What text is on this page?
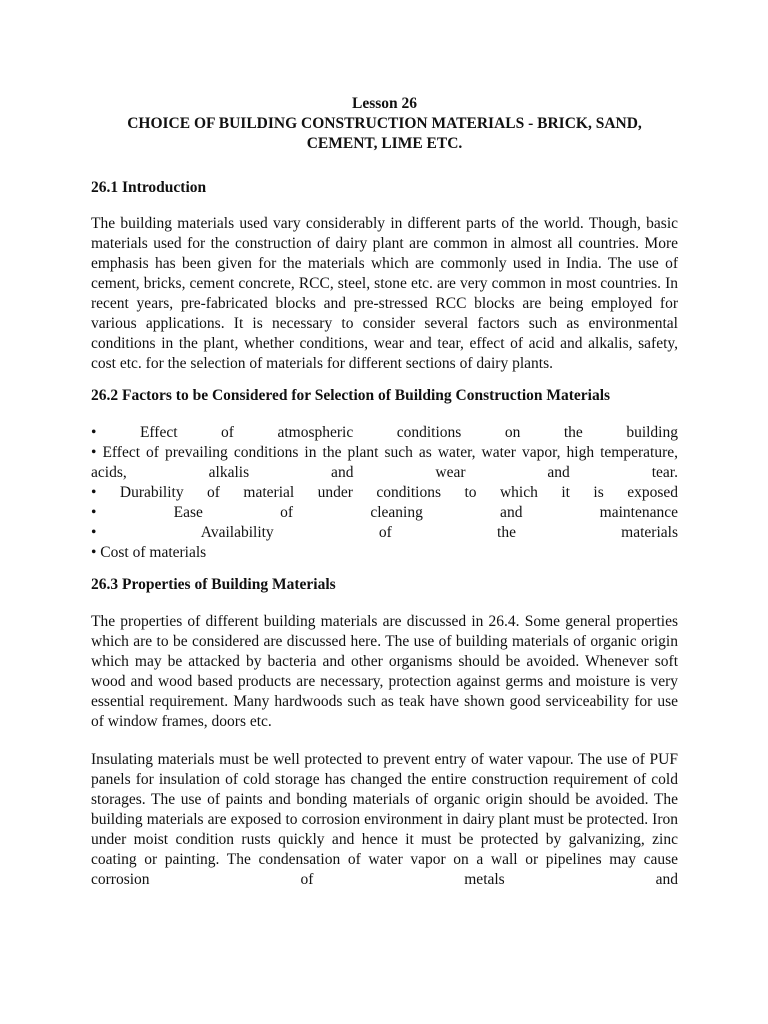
Lesson 26
CHOICE OF BUILDING CONSTRUCTION MATERIALS - BRICK, SAND, CEMENT, LIME ETC.
26.1 Introduction

The building materials used vary considerably in different parts of the world. Though, basic materials used for the construction of dairy plant are common in almost all countries. More emphasis has been given for the materials which are commonly used in India. The use of cement, bricks, cement concrete, RCC, steel, stone etc. are very common in most countries. In recent years, pre-fabricated blocks and pre-stressed RCC blocks are being employed for various applications. It is necessary to consider several factors such as environmental conditions in the plant, whether conditions, wear and tear, effect of acid and alkalis, safety, cost etc. for the selection of materials for different sections of dairy plants.

26.2 Factors to be Considered for Selection of Building Construction Materials
• Effect of atmospheric conditions on the building
• Effect of prevailing conditions in the plant such as water, water vapor, high temperature, acids, alkalis and wear and tear.
• Durability of material under conditions to which it is exposed
• Ease of cleaning and maintenance
• Availability of the materials
• Cost of materials
26.3 Properties of Building Materials

The properties of different building materials are discussed in 26.4. Some general properties which are to be considered are discussed here. The use of building materials of organic origin which may be attacked by bacteria and other organisms should be avoided. Whenever soft wood and wood based products are necessary, protection against germs and moisture is very essential requirement. Many hardwoods such as teak have shown good serviceability for use of window frames, doors etc.

Insulating materials must be well protected to prevent entry of water vapour. The use of PUF panels for insulation of cold storage has changed the entire construction requirement of cold storages. The use of paints and bonding materials of organic origin should be avoided. The building materials are exposed to corrosion environment in dairy plant must be protected. Iron under moist condition rusts quickly and hence it must be protected by galvanizing, zinc coating or painting. The condensation of water vapor on a wall or pipelines may cause corrosion of metals and
